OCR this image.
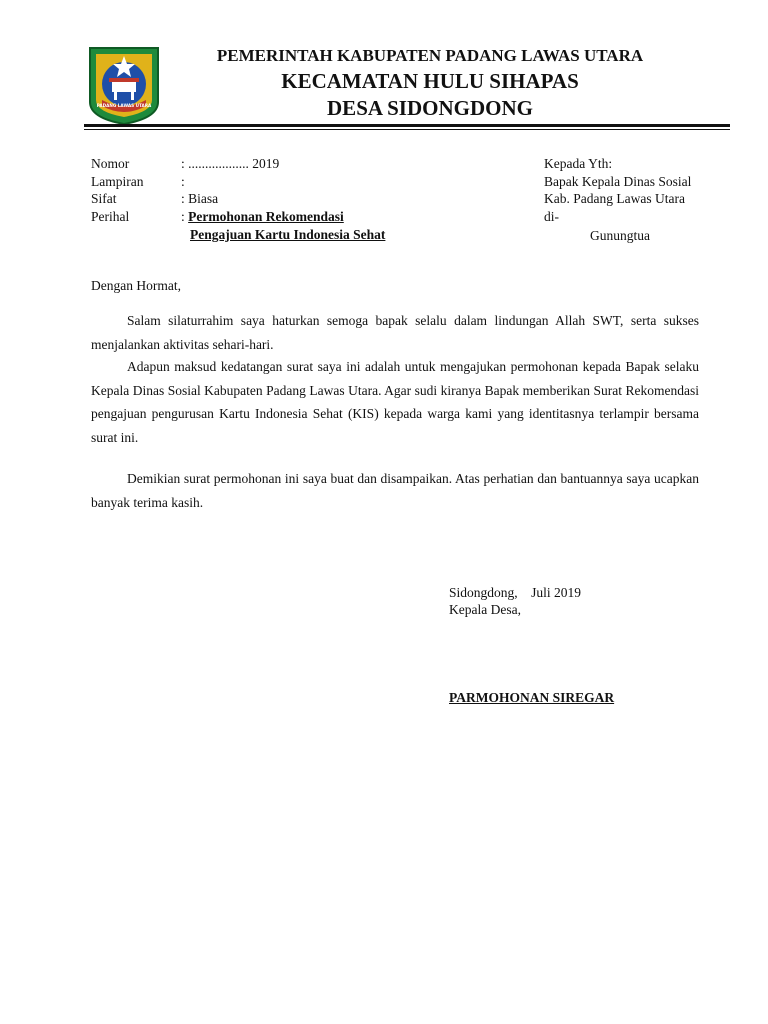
PADANG LAWAS UTARA
PEMERINTAH KABUPATEN PADANG LAWAS UTARA
KECAMATAN HULU SIHAPAS
DESA SIDONGDONG
Nomor	: .................. 2019
Lampiran	:
Sifat	: Biasa
Perihal	: Permohonan Rekomendasi
Pengajuan Kartu Indonesia Sehat
Kepada Yth:
Bapak Kepala Dinas Sosial
Kab. Padang Lawas Utara
di-
Gunungtua
Dengan Hormat,

Salam silaturrahim saya haturkan semoga bapak selalu dalam lindungan Allah SWT, serta sukses menjalankan aktivitas sehari-hari.

Adapun maksud kedatangan surat saya ini adalah untuk mengajukan permohonan kepada Bapak selaku Kepala Dinas Sosial Kabupaten Padang Lawas Utara. Agar sudi kiranya Bapak memberikan Surat Rekomendasi pengajuan pengurusan Kartu Indonesia Sehat (KIS) kepada warga kami yang identitasnya terlampir bersama surat ini.

Demikian surat permohonan ini saya buat dan disampaikan. Atas perhatian dan bantuannya saya ucapkan banyak terima kasih.

Sidongdong,    Juli 2019
Kepala Desa,
PARMOHONAN SIREGAR
